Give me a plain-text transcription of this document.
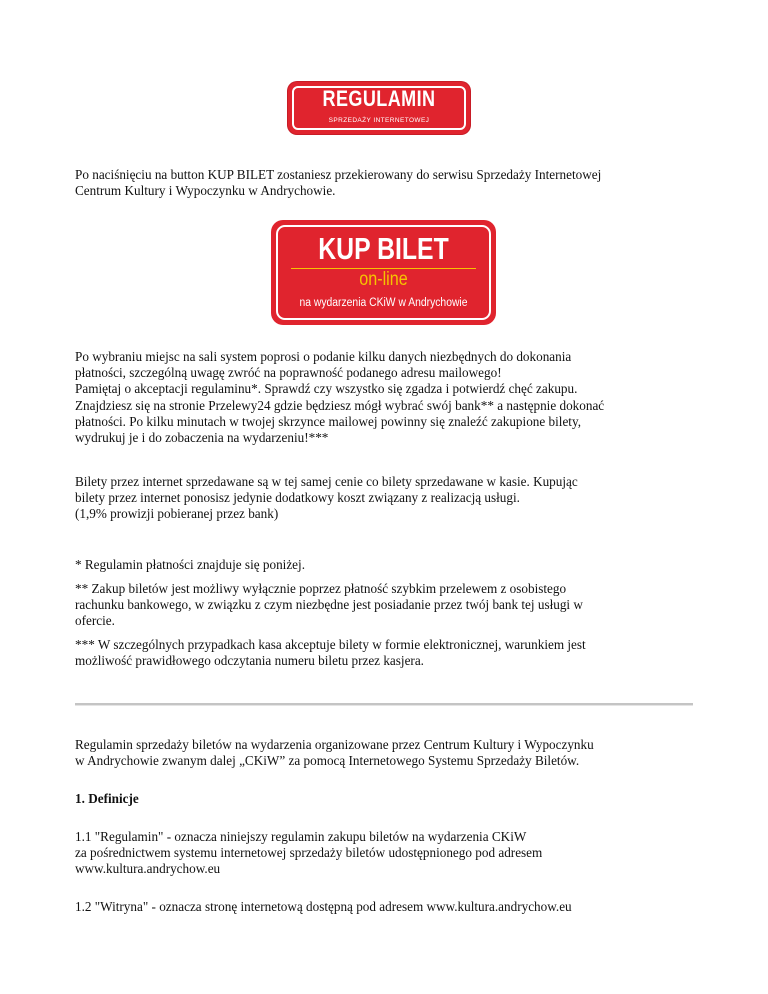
REGULAMIN
SPRZEDAŻY INTERNETOWEJ

Po naciśnięciu na button KUP BILET zostaniesz przekierowany do serwisu Sprzedaży Internetowej

Centrum Kultury i Wypoczynku w Andrychowie.

KUP BILET
on-line
na wydarzenia CKiW w Andrychowie

Po wybraniu miejsc na sali system poprosi o podanie kilku danych niezbędnych do dokonania

płatności, szczególną uwagę zwróć na poprawność podanego adresu mailowego!

Pamiętaj o akceptacji regulaminu*. Sprawdź czy wszystko się zgadza i potwierdź chęć zakupu.

Znajdziesz się na stronie Przelewy24 gdzie będziesz mógł wybrać swój bank** a następnie dokonać

płatności. Po kilku minutach w twojej skrzynce mailowej powinny się znaleźć zakupione bilety,

wydrukuj je i do zobaczenia na wydarzeniu!***

Bilety przez internet sprzedawane są w tej samej cenie co bilety sprzedawane w kasie. Kupując

bilety przez internet ponosisz jedynie dodatkowy koszt związany z realizacją usługi.

(1,9% prowizji pobieranej przez bank)

* Regulamin płatności znajduje się poniżej.

** Zakup biletów jest możliwy wyłącznie poprzez płatność szybkim przelewem z osobistego

rachunku bankowego, w związku z czym niezbędne jest posiadanie przez twój bank tej usługi w

ofercie.

*** W szczególnych przypadkach kasa akceptuje bilety w formie elektronicznej, warunkiem jest

możliwość prawidłowego odczytania numeru biletu przez kasjera.

Regulamin sprzedaży biletów na wydarzenia organizowane przez Centrum Kultury i Wypoczynku

w Andrychowie zwanym dalej „CKiW” za pomocą Internetowego Systemu Sprzedaży Biletów.

1. Definicje

1.1 "Regulamin" - oznacza niniejszy regulamin zakupu biletów na wydarzenia CKiW

za pośrednictwem systemu internetowej sprzedaży biletów udostępnionego pod adresem

www.kultura.andrychow.eu

1.2 "Witryna" - oznacza stronę internetową dostępną pod adresem www.kultura.andrychow.eu
